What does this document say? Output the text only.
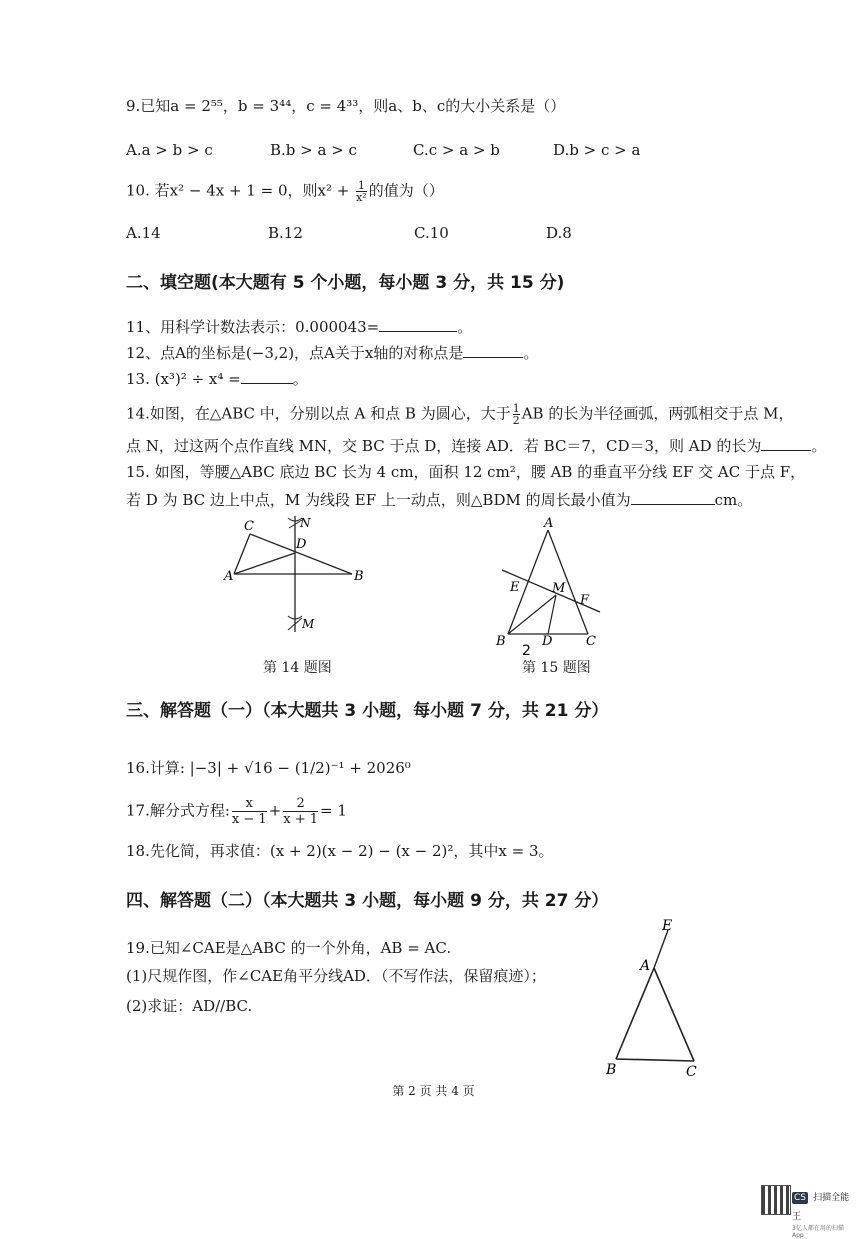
9.已知a = 2⁵⁵，b = 3⁴⁴，c = 4³³，则a、b、c的大小关系是（）
A.a > b > c	B.b > a > c	C.c > a > b	D.b > c > a
10. 若x² − 4x + 1 = 0，则$x^2 + \frac{1}{\text{x²}}$ 的值为（）
A.14	B.12	C.10	D.8
二、填空题(本大题有 5 个小题，每小题 3 分，共 15 分)
11、用科学计数法表示：0.000043=	。
12、点A的坐标是(−3,2)，点A关于x轴的对称点是	。
13. (x³)² ÷ x⁴ =	。
14.如图，在△ABC 中，分别以点 A 和点 B 为圆心，大于 $\frac{1}{2}$ AB 的长为半径画弧，两弧相交于点 M，
点 N，过这两个点作直线 MN，交 BC 于点 D，连接 AD．若 BC＝7，CD＝3，则 AD 的长为	。
15. 如图，等腰△ABC 底边 BC 长为 4 cm，面积 12 cm²，腰 AB 的垂直平分线 EF 交 AC 于点 F，
若 D 为 BC 边上中点，M 为线段 EF 上一动点，则△BDM 的周长最小值为	cm。
C	N
D
A	B
M
第 14 题图
A
E	M
F
B	D	C
2
第 15 题图
三、解答题（一）（本大题共 3 小题，每小题 7 分，共 21 分）
16.计算: |−3| + √16 − (1/2)⁻¹ + 2026⁰
17.解分式方程: $\frac{x}{x - 1} + \frac{2}{x + 1} = 1$
18.先化简，再求值：(x + 2)(x − 2) − (x − 2)²，其中x = 3。
四、解答题（二）（本大题共 3 小题，每小题 9 分，共 27 分）
19.已知∠CAE是△ABC 的一个外角，AB = AC.
(1)尺规作图，作∠CAE角平分线AD．（不写作法，保留痕迹）；
(2)求证：AD//BC.
E
A
B	C
第 2 页 共 4 页
CS 扫描全能王
3亿人都在用的扫描App
